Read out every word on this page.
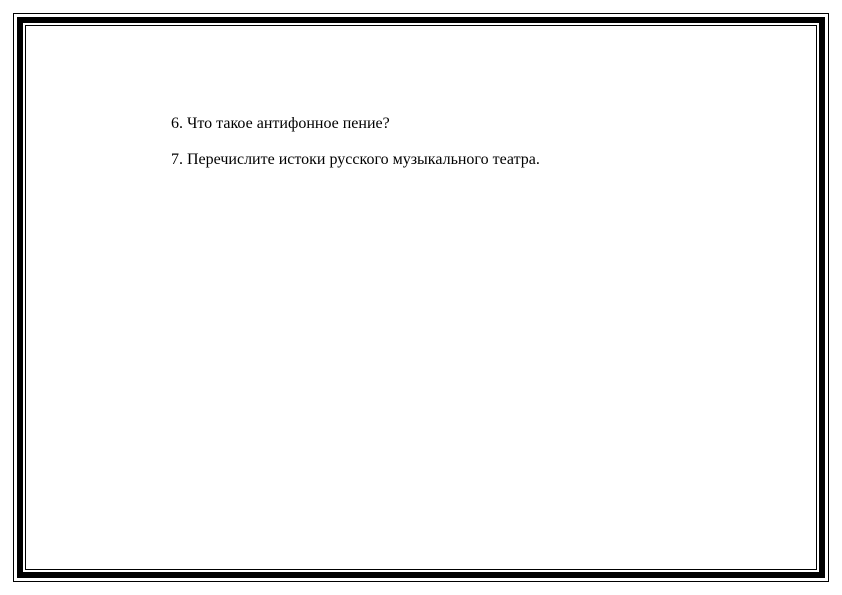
6. Что такое антифонное пение?

7. Перечислите истоки русского музыкального театра.
